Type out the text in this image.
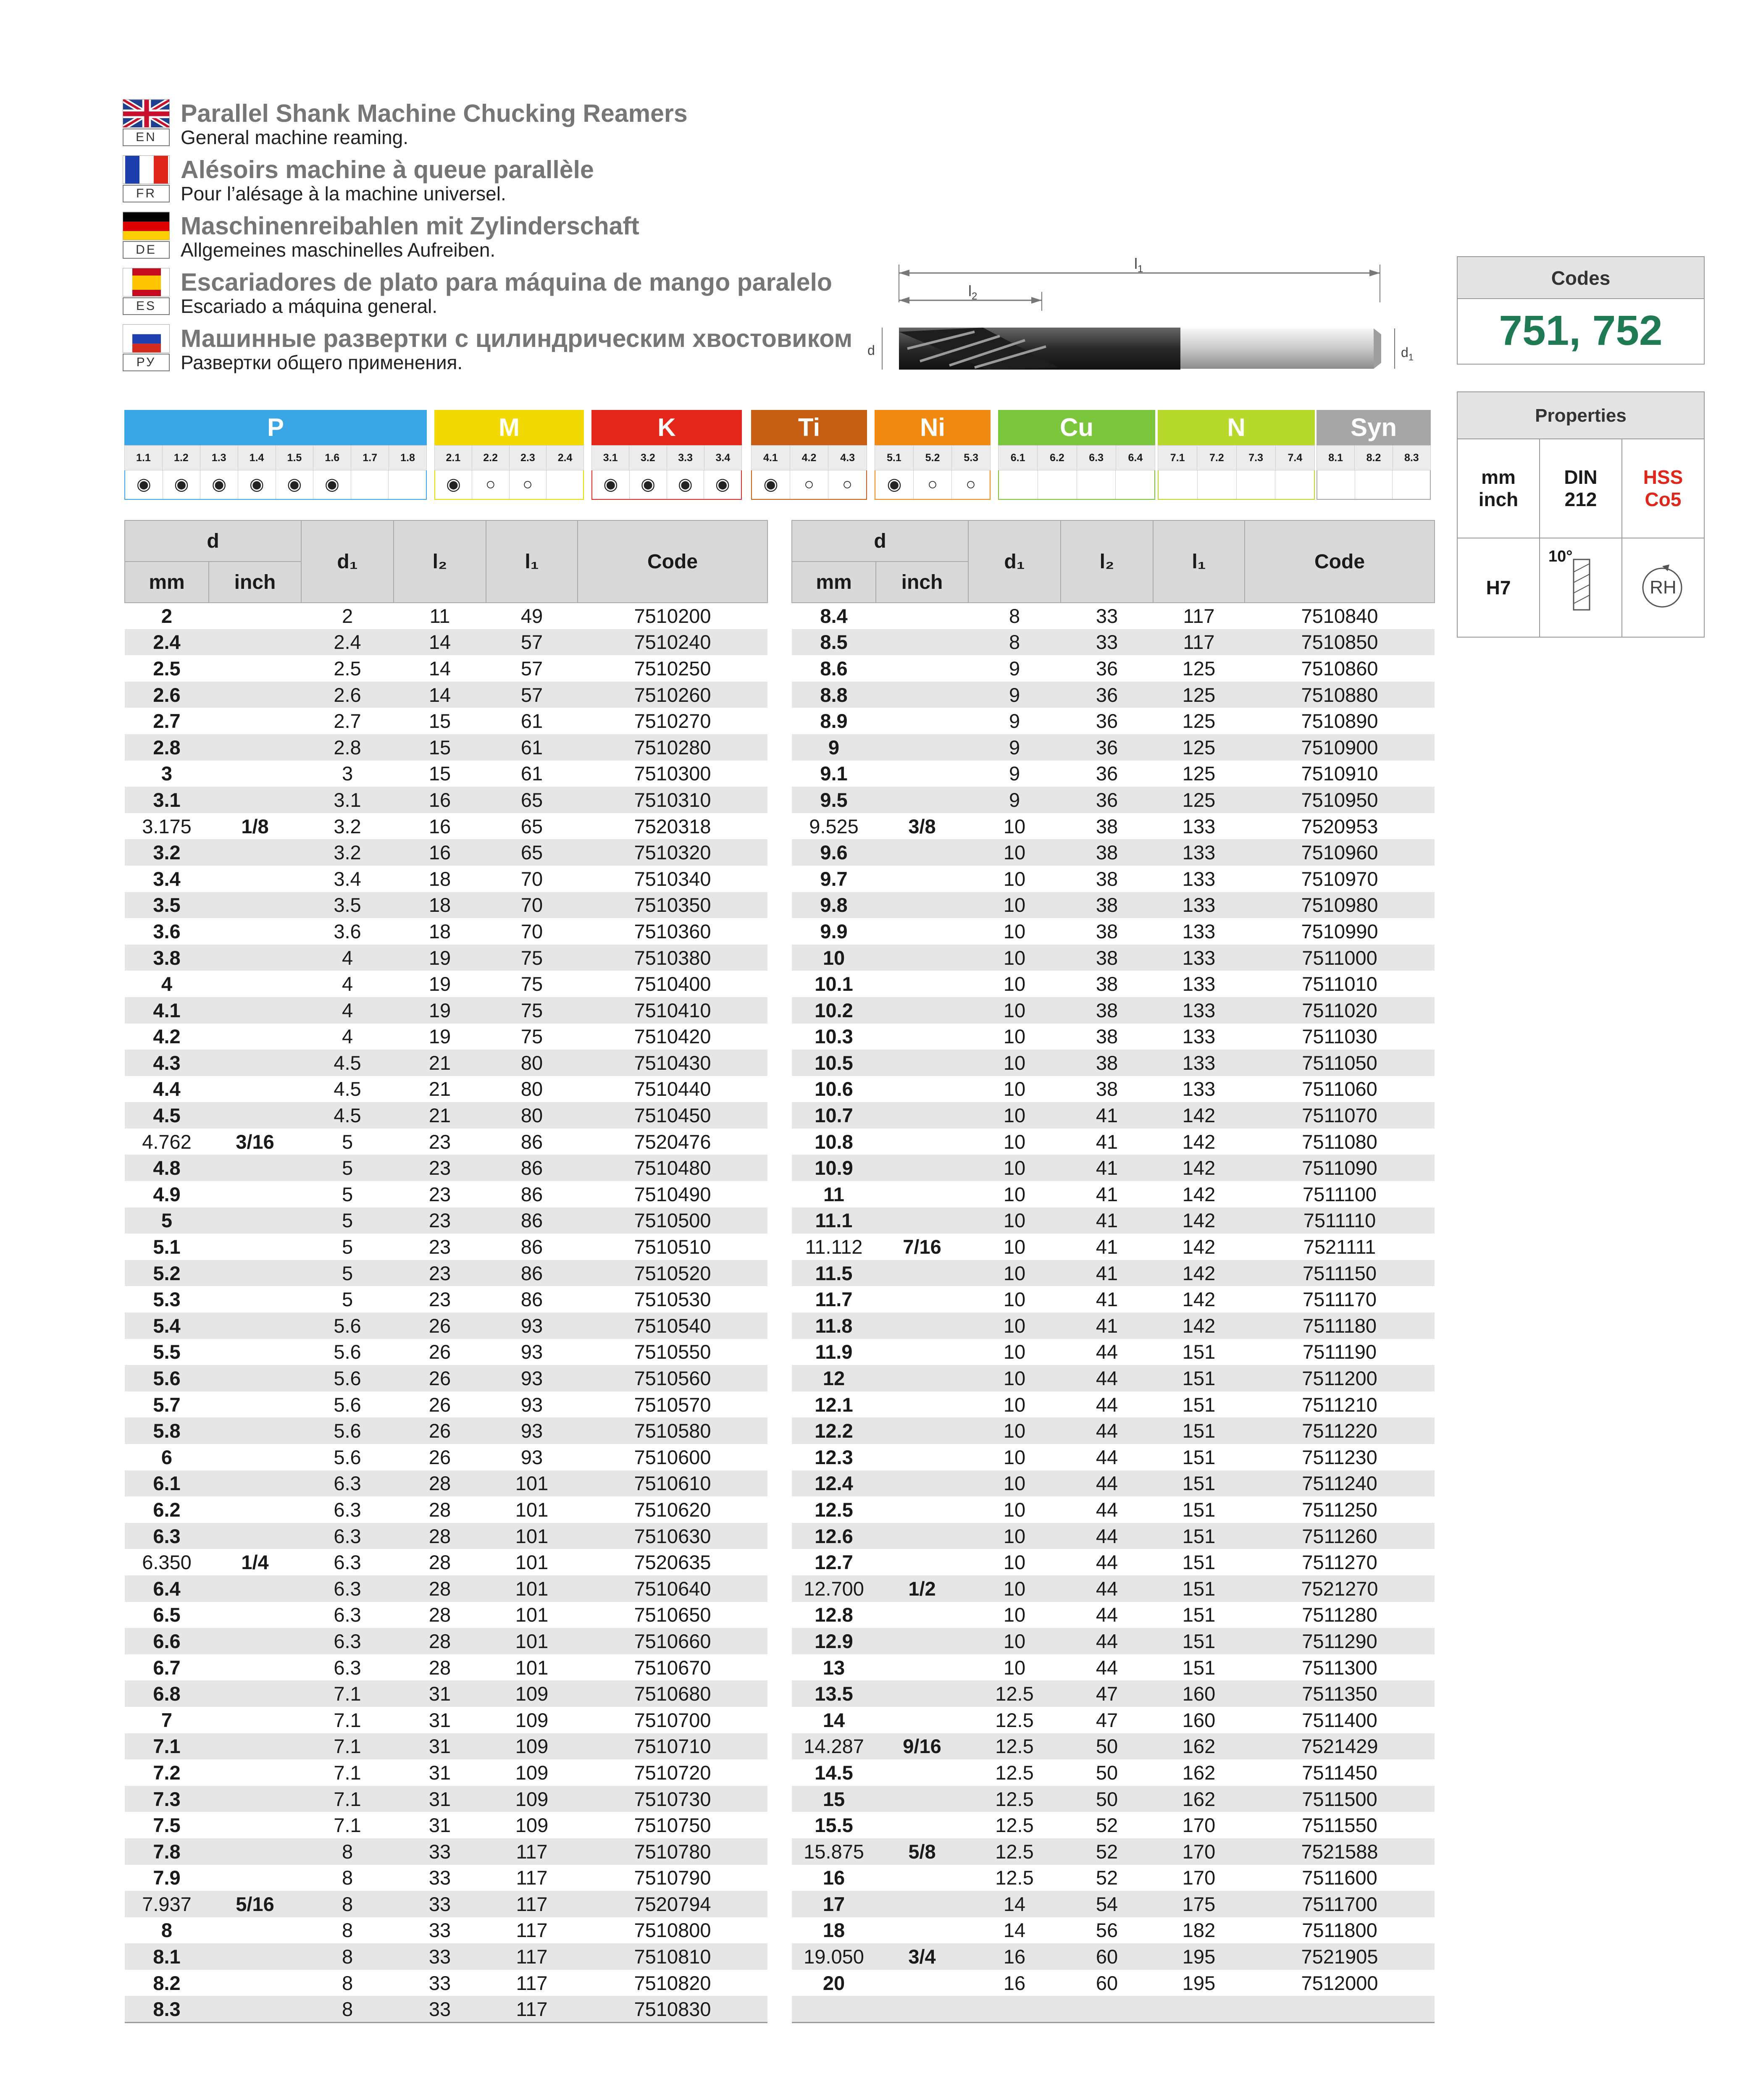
EN
Parallel Shank Machine Chucking Reamers
General machine reaming.
FR
Alésoirs machine à queue parallèle
Pour l’alésage à la machine universel.
DE
Maschinenreibahlen mit Zylinderschaft
Allgemeines maschinelles Aufreiben.
ES
Escariadores de plato para máquina de mango paralelo
Escariado a máquina general.
РУ
Машинные развертки с цилиндрическим хвостовиком
Развертки общего применения.
$l_1$
$l_2$
d	$d_1$
Codes
751, 752
Properties
mm
inch
DIN
212
HSS
Co5
H7
10°
RH
P
1.1	1.2	1.3	1.4	1.5	1.6	1.7	1.8
◉	◉	◉	◉	◉	◉
M
2.1	2.2	2.3	2.4
◉	○	○
K
3.1	3.2	3.3	3.4
◉	◉	◉	◉
Ti
4.1	4.2	4.3
◉	○	○
Ni
5.1	5.2	5.3
◉	○	○
Cu
6.1	6.2	6.3	6.4
N
7.1	7.2	7.3	7.4
Syn
8.1	8.2	8.3
d		d₁	l₂	l₁	Code
mm	inch				
2		2	11	49	7510200
2.4		2.4	14	57	7510240
2.5		2.5	14	57	7510250
2.6		2.6	14	57	7510260
2.7		2.7	15	61	7510270
2.8		2.8	15	61	7510280
3		3	15	61	7510300
3.1		3.1	16	65	7510310
3.175	1/8	3.2	16	65	7520318
3.2		3.2	16	65	7510320
3.4		3.4	18	70	7510340
3.5		3.5	18	70	7510350
3.6		3.6	18	70	7510360
3.8		4	19	75	7510380
4		4	19	75	7510400
4.1		4	19	75	7510410
4.2		4	19	75	7510420
4.3		4.5	21	80	7510430
4.4		4.5	21	80	7510440
4.5		4.5	21	80	7510450
4.762	3/16	5	23	86	7520476
4.8		5	23	86	7510480
4.9		5	23	86	7510490
5		5	23	86	7510500
5.1		5	23	86	7510510
5.2		5	23	86	7510520
5.3		5	23	86	7510530
5.4		5.6	26	93	7510540
5.5		5.6	26	93	7510550
5.6		5.6	26	93	7510560
5.7		5.6	26	93	7510570
5.8		5.6	26	93	7510580
6		5.6	26	93	7510600
6.1		6.3	28	101	7510610
6.2		6.3	28	101	7510620
6.3		6.3	28	101	7510630
6.350	1/4	6.3	28	101	7520635
6.4		6.3	28	101	7510640
6.5		6.3	28	101	7510650
6.6		6.3	28	101	7510660
6.7		6.3	28	101	7510670
6.8		7.1	31	109	7510680
7		7.1	31	109	7510700
7.1		7.1	31	109	7510710
7.2		7.1	31	109	7510720
7.3		7.1	31	109	7510730
7.5		7.1	31	109	7510750
7.8		8	33	117	7510780
7.9		8	33	117	7510790
7.937	5/16	8	33	117	7520794
8		8	33	117	7510800
8.1		8	33	117	7510810
8.2		8	33	117	7510820
8.3		8	33	117	7510830
d		d₁	l₂	l₁	Code
mm	inch				
8.4		8	33	117	7510840
8.5		8	33	117	7510850
8.6		9	36	125	7510860
8.8		9	36	125	7510880
8.9		9	36	125	7510890
9		9	36	125	7510900
9.1		9	36	125	7510910
9.5		9	36	125	7510950
9.525	3/8	10	38	133	7520953
9.6		10	38	133	7510960
9.7		10	38	133	7510970
9.8		10	38	133	7510980
9.9		10	38	133	7510990
10		10	38	133	7511000
10.1		10	38	133	7511010
10.2		10	38	133	7511020
10.3		10	38	133	7511030
10.5		10	38	133	7511050
10.6		10	38	133	7511060
10.7		10	41	142	7511070
10.8		10	41	142	7511080
10.9		10	41	142	7511090
11		10	41	142	7511100
11.1		10	41	142	7511110
11.112	7/16	10	41	142	7521111
11.5		10	41	142	7511150
11.7		10	41	142	7511170
11.8		10	41	142	7511180
11.9		10	44	151	7511190
12		10	44	151	7511200
12.1		10	44	151	7511210
12.2		10	44	151	7511220
12.3		10	44	151	7511230
12.4		10	44	151	7511240
12.5		10	44	151	7511250
12.6		10	44	151	7511260
12.7		10	44	151	7511270
12.700	1/2	10	44	151	7521270
12.8		10	44	151	7511280
12.9		10	44	151	7511290
13		10	44	151	7511300
13.5		12.5	47	160	7511350
14		12.5	47	160	7511400
14.287	9/16	12.5	50	162	7521429
14.5		12.5	50	162	7511450
15		12.5	50	162	7511500
15.5		12.5	52	170	7511550
15.875	5/8	12.5	52	170	7521588
16		12.5	52	170	7511600
17		14	54	175	7511700
18		14	56	182	7511800
19.050	3/4	16	60	195	7521905
20		16	60	195	7512000
